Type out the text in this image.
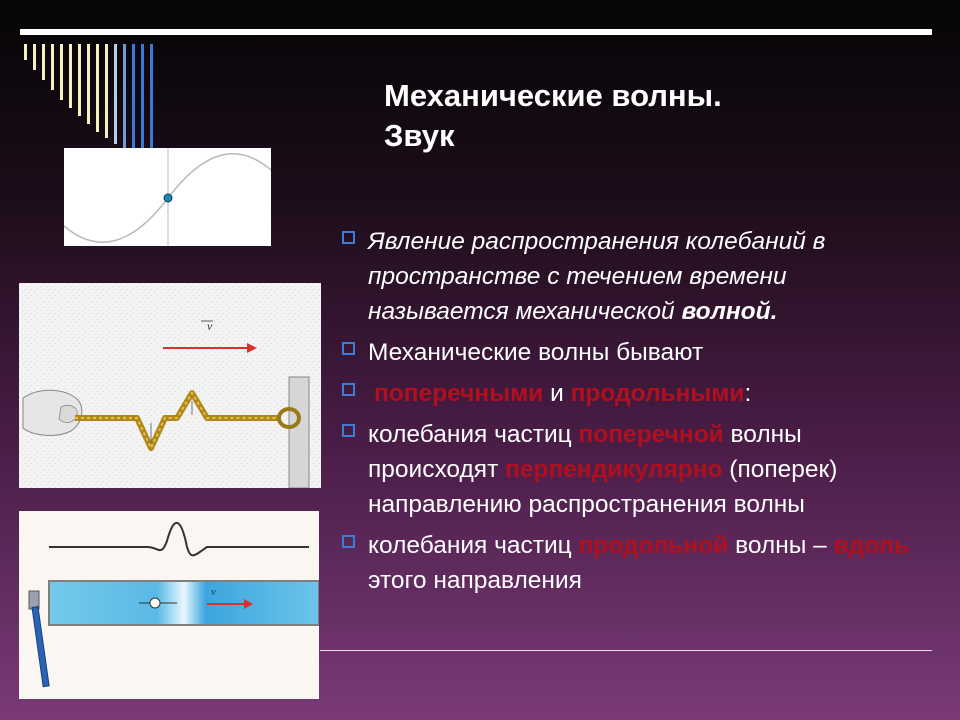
Механические волны.
Звук
v
v
Явление распространения колебаний в пространстве с течением времени называется механической волной.
Механические волны бывают
поперечными и продольными:
колебания частиц поперечной волны происходят перпендикулярно (поперек) направлению распространения волны
колебания частиц продольной волны – вдоль этого направления
